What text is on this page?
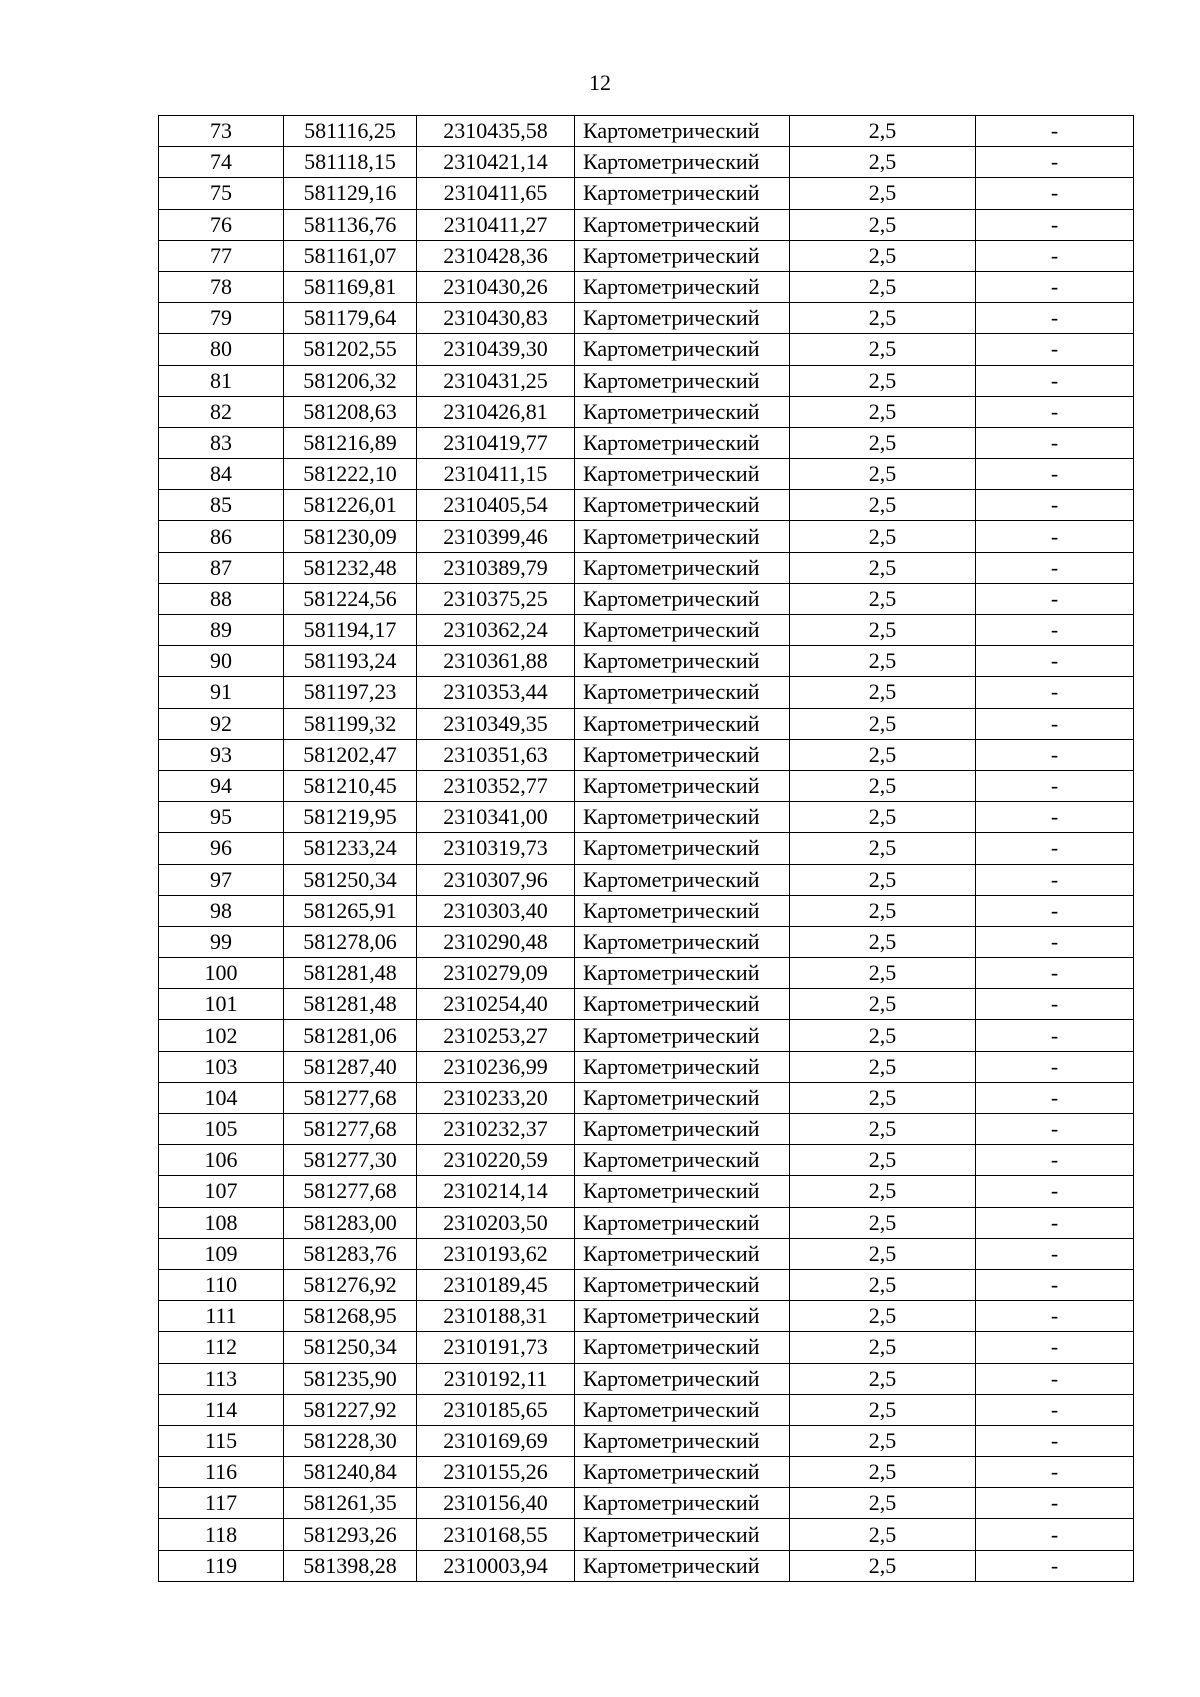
12
73	581116,25	2310435,58	Картометрический	2,5	-
74	581118,15	2310421,14	Картометрический	2,5	-
75	581129,16	2310411,65	Картометрический	2,5	-
76	581136,76	2310411,27	Картометрический	2,5	-
77	581161,07	2310428,36	Картометрический	2,5	-
78	581169,81	2310430,26	Картометрический	2,5	-
79	581179,64	2310430,83	Картометрический	2,5	-
80	581202,55	2310439,30	Картометрический	2,5	-
81	581206,32	2310431,25	Картометрический	2,5	-
82	581208,63	2310426,81	Картометрический	2,5	-
83	581216,89	2310419,77	Картометрический	2,5	-
84	581222,10	2310411,15	Картометрический	2,5	-
85	581226,01	2310405,54	Картометрический	2,5	-
86	581230,09	2310399,46	Картометрический	2,5	-
87	581232,48	2310389,79	Картометрический	2,5	-
88	581224,56	2310375,25	Картометрический	2,5	-
89	581194,17	2310362,24	Картометрический	2,5	-
90	581193,24	2310361,88	Картометрический	2,5	-
91	581197,23	2310353,44	Картометрический	2,5	-
92	581199,32	2310349,35	Картометрический	2,5	-
93	581202,47	2310351,63	Картометрический	2,5	-
94	581210,45	2310352,77	Картометрический	2,5	-
95	581219,95	2310341,00	Картометрический	2,5	-
96	581233,24	2310319,73	Картометрический	2,5	-
97	581250,34	2310307,96	Картометрический	2,5	-
98	581265,91	2310303,40	Картометрический	2,5	-
99	581278,06	2310290,48	Картометрический	2,5	-
100	581281,48	2310279,09	Картометрический	2,5	-
101	581281,48	2310254,40	Картометрический	2,5	-
102	581281,06	2310253,27	Картометрический	2,5	-
103	581287,40	2310236,99	Картометрический	2,5	-
104	581277,68	2310233,20	Картометрический	2,5	-
105	581277,68	2310232,37	Картометрический	2,5	-
106	581277,30	2310220,59	Картометрический	2,5	-
107	581277,68	2310214,14	Картометрический	2,5	-
108	581283,00	2310203,50	Картометрический	2,5	-
109	581283,76	2310193,62	Картометрический	2,5	-
110	581276,92	2310189,45	Картометрический	2,5	-
111	581268,95	2310188,31	Картометрический	2,5	-
112	581250,34	2310191,73	Картометрический	2,5	-
113	581235,90	2310192,11	Картометрический	2,5	-
114	581227,92	2310185,65	Картометрический	2,5	-
115	581228,30	2310169,69	Картометрический	2,5	-
116	581240,84	2310155,26	Картометрический	2,5	-
117	581261,35	2310156,40	Картометрический	2,5	-
118	581293,26	2310168,55	Картометрический	2,5	-
119	581398,28	2310003,94	Картометрический	2,5	-
